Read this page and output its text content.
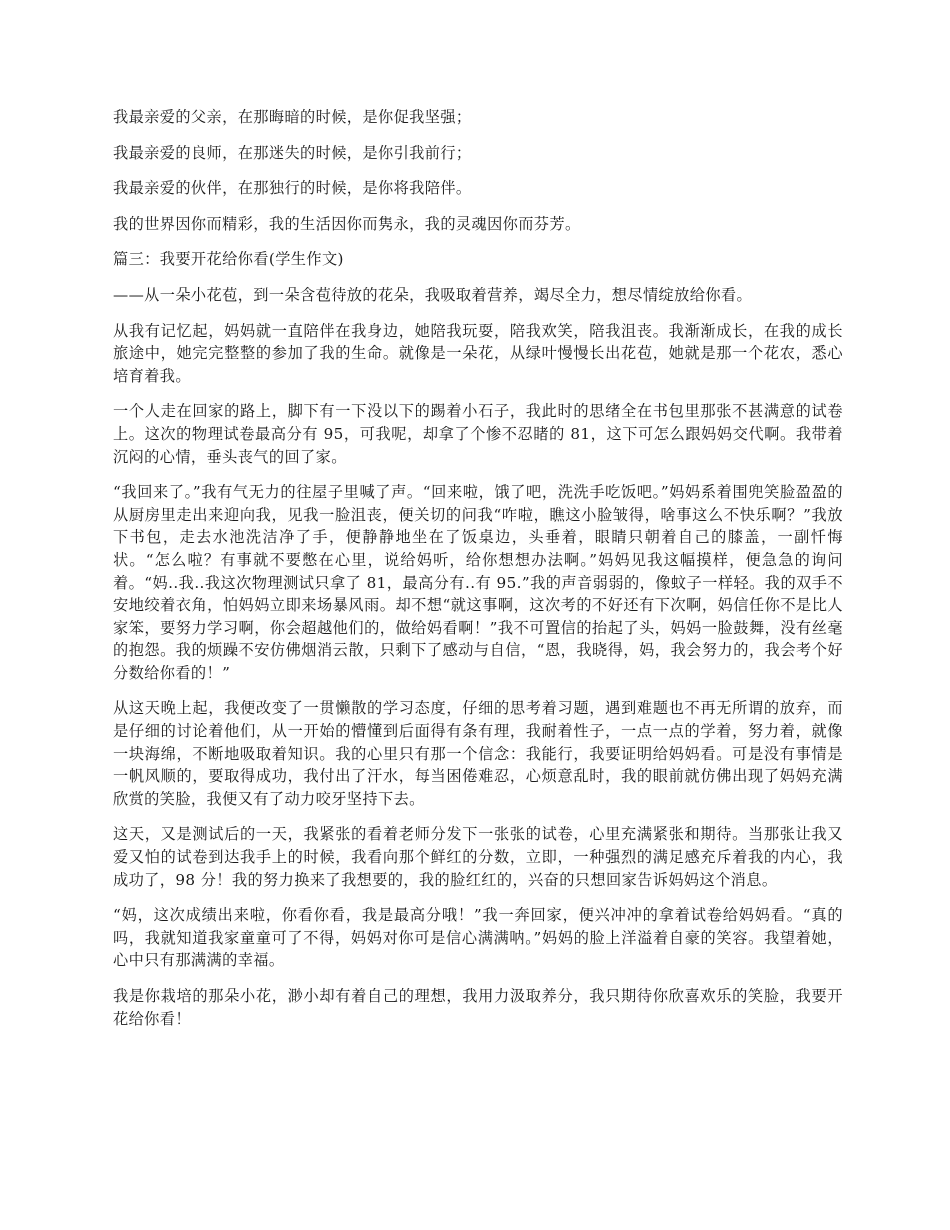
我最亲爱的父亲，在那晦暗的时候，是你促我坚强；

我最亲爱的良师，在那迷失的时候，是你引我前行；

我最亲爱的伙伴，在那独行的时候，是你将我陪伴。

我的世界因你而精彩，我的生活因你而隽永，我的灵魂因你而芬芳。

篇三：我要开花给你看(学生作文)

——从一朵小花苞，到一朵含苞待放的花朵，我吸取着营养，竭尽全力，想尽情绽放给你看。

从我有记忆起，妈妈就一直陪伴在我身边，她陪我玩耍，陪我欢笑，陪我沮丧。我渐渐成长，在我的成长旅途中，她完完整整的参加了我的生命。就像是一朵花，从绿叶慢慢长出花苞，她就是那一个花农，悉心培育着我。

一个人走在回家的路上，脚下有一下没以下的踢着小石子，我此时的思绪全在书包里那张不甚满意的试卷上。这次的物理试卷最高分有 95，可我呢，却拿了个惨不忍睹的 81，这下可怎么跟妈妈交代啊。我带着沉闷的心情，垂头丧气的回了家。

“我回来了。”我有气无力的往屋子里喊了声。“回来啦，饿了吧，洗洗手吃饭吧。”妈妈系着围兜笑脸盈盈的从厨房里走出来迎向我，见我一脸沮丧，便关切的问我“咋啦，瞧这小脸皱得，啥事这么不快乐啊？”我放下书包，走去水池洗洁净了手，便静静地坐在了饭桌边，头垂着，眼睛只朝着自己的膝盖，一副忏悔状。“怎么啦？有事就不要憋在心里，说给妈听，给你想想办法啊。”妈妈见我这幅摸样，便急急的询问着。“妈..我..我这次物理测试只拿了 81，最高分有..有 95.”我的声音弱弱的，像蚊子一样轻。我的双手不安地绞着衣角，怕妈妈立即来场暴风雨。却不想“就这事啊，这次考的不好还有下次啊，妈信任你不是比人家笨，要努力学习啊，你会超越他们的，做给妈看啊！”我不可置信的抬起了头，妈妈一脸鼓舞，没有丝毫的抱怨。我的烦躁不安仿佛烟消云散，只剩下了感动与自信，“恩，我晓得，妈，我会努力的，我会考个好分数给你看的！”

从这天晚上起，我便改变了一贯懒散的学习态度，仔细的思考着习题，遇到难题也不再无所谓的放弃，而是仔细的讨论着他们，从一开始的懵懂到后面得有条有理，我耐着性子，一点一点的学着，努力着，就像一块海绵，不断地吸取着知识。我的心里只有那一个信念：我能行，我要证明给妈妈看。可是没有事情是一帆风顺的，要取得成功，我付出了汗水，每当困倦难忍，心烦意乱时，我的眼前就仿佛出现了妈妈充满欣赏的笑脸，我便又有了动力咬牙坚持下去。

这天，又是测试后的一天，我紧张的看着老师分发下一张张的试卷，心里充满紧张和期待。当那张让我又爱又怕的试卷到达我手上的时候，我看向那个鲜红的分数，立即，一种强烈的满足感充斥着我的内心，我成功了，98 分！我的努力换来了我想要的，我的脸红红的，兴奋的只想回家告诉妈妈这个消息。

“妈，这次成绩出来啦，你看你看，我是最高分哦！”我一奔回家，便兴冲冲的拿着试卷给妈妈看。“真的吗，我就知道我家童童可了不得，妈妈对你可是信心满满呐。”妈妈的脸上洋溢着自豪的笑容。我望着她，心中只有那满满的幸福。

我是你栽培的那朵小花，渺小却有着自己的理想，我用力汲取养分，我只期待你欣喜欢乐的笑脸，我要开花给你看！
